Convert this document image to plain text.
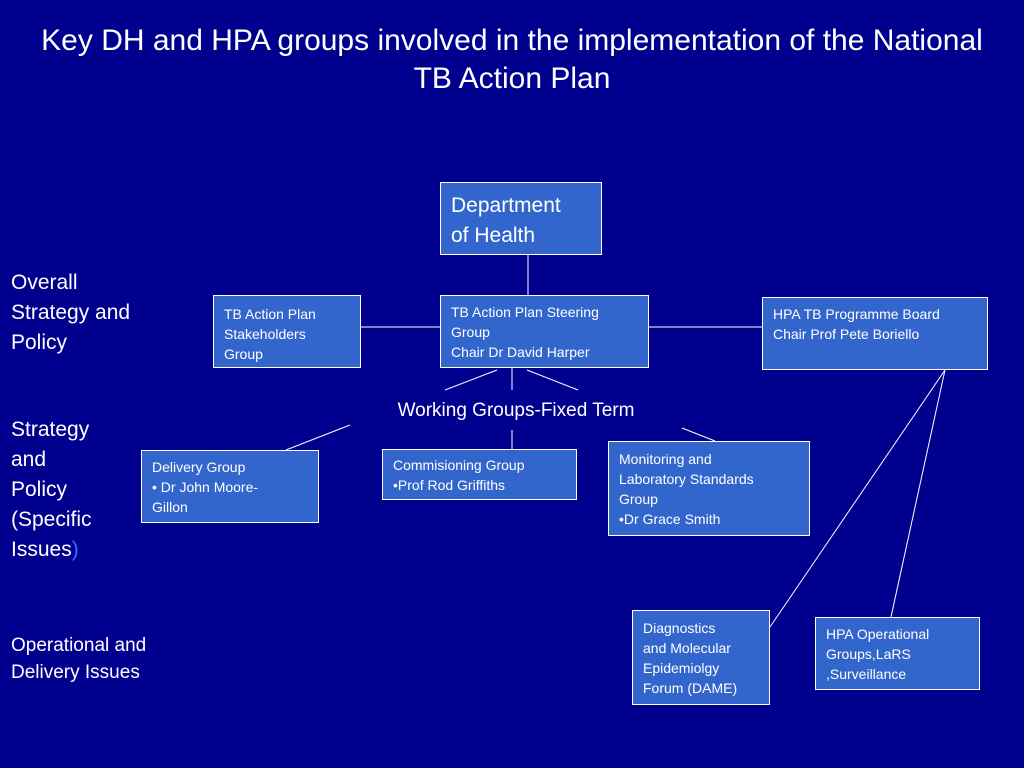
Key DH and HPA groups involved in the implementation of the National TB Action Plan
Overall
Strategy and
Policy
Strategy
and
Policy
(Specific
Issues)
Operational and
Delivery Issues
Department
of Health
TB Action Plan
Stakeholders
Group
TB Action Plan Steering
Group
Chair Dr David Harper
HPA TB Programme Board
Chair Prof Pete Boriello
Working Groups-Fixed Term
Delivery Group
• Dr John Moore-
Gillon
Commisioning Group
•Prof Rod Griffiths
Monitoring and
Laboratory Standards
Group
•Dr Grace Smith
Diagnostics
and Molecular
Epidemiolgy
Forum (DAME)
HPA Operational
Groups,LaRS
,Surveillance
